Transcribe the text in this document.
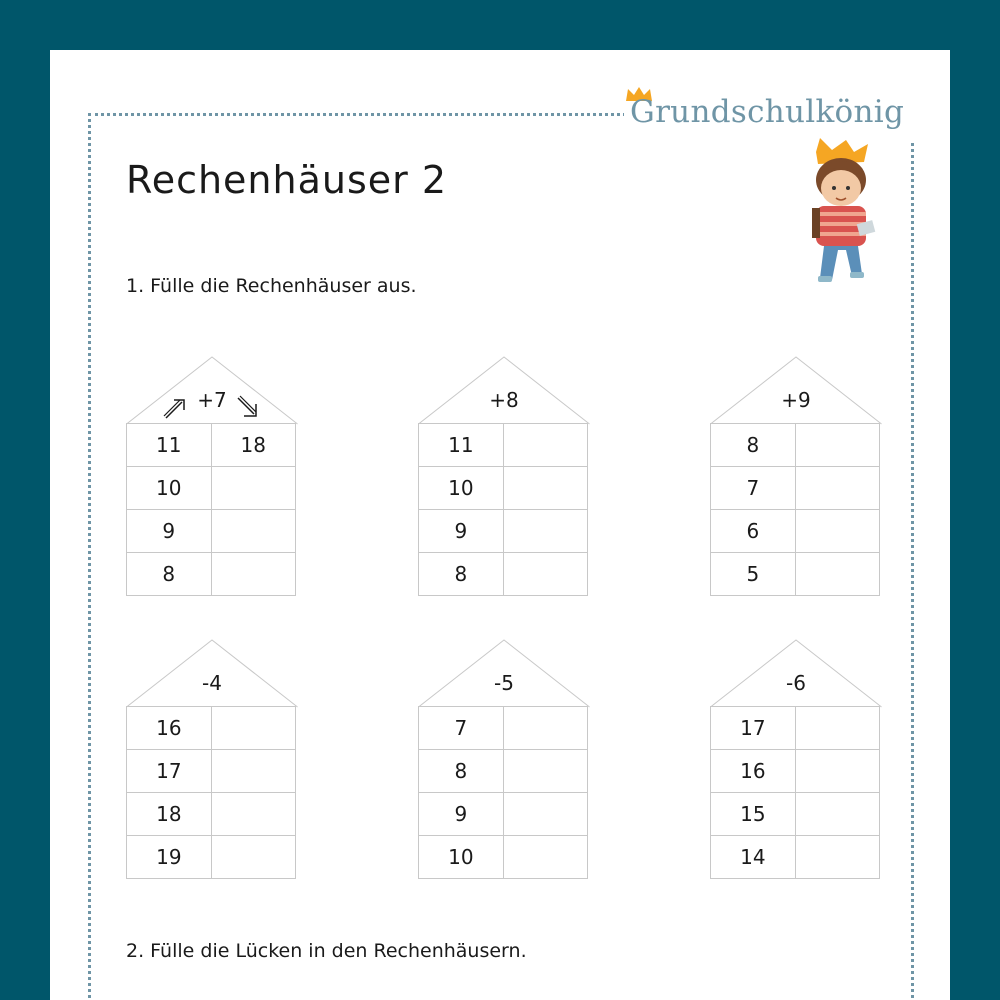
Grundschulkönig
Rechenhäuser 2
1. Fülle die Rechenhäuser aus.
+7
11	18
10	
9	
8	
+8
11	
10	
9	
8	
+9
8	
7	
6	
5	
-4
16	
17	
18	
19	
-5
7	
8	
9	
10	
-6
17	
16	
15	
14	
2. Fülle die Lücken in den Rechenhäusern.
